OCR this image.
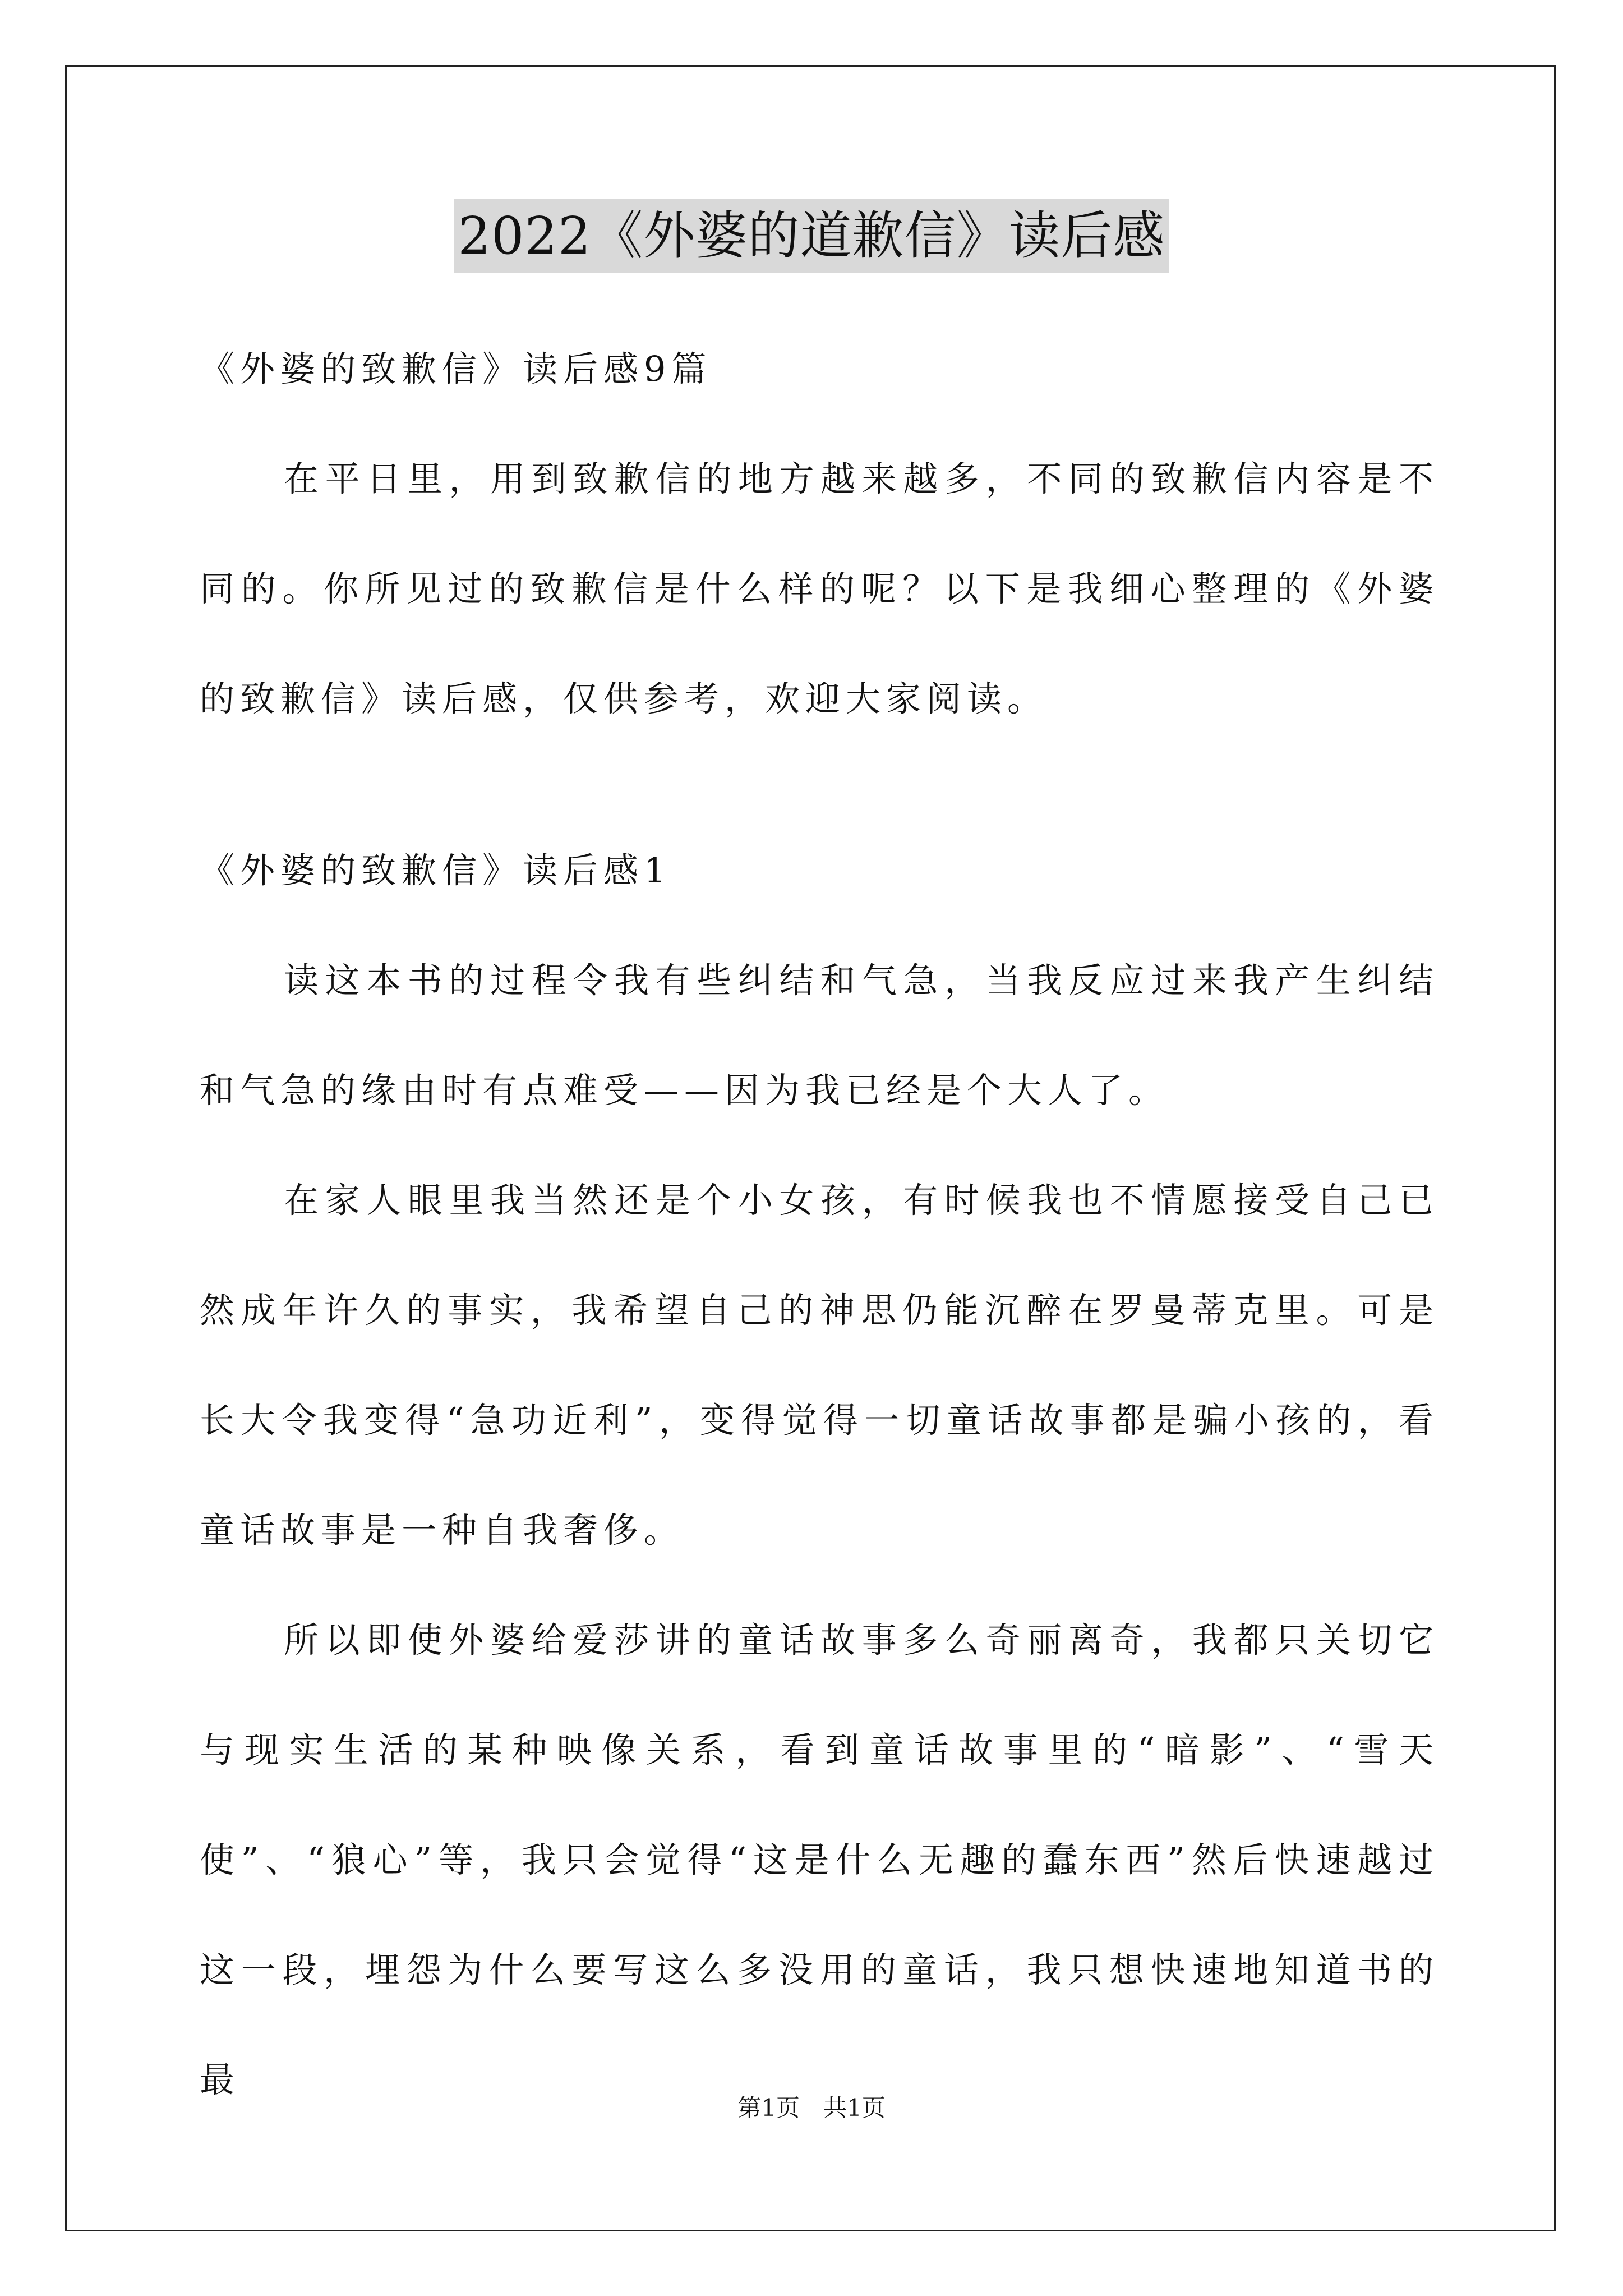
2022《外婆的道歉信》读后感

《外婆的致歉信》读后感9篇

在平日里，用到致歉信的地方越来越多，不同的致歉信内容是不同的。你所见过的致歉信是什么样的呢？以下是我细心整理的《外婆的致歉信》读后感，仅供参考，欢迎大家阅读。

《外婆的致歉信》读后感1

读这本书的过程令我有些纠结和气急，当我反应过来我产生纠结和气急的缘由时有点难受——因为我已经是个大人了。

在家人眼里我当然还是个小女孩，有时候我也不情愿接受自己已然成年许久的事实，我希望自己的神思仍能沉醉在罗曼蒂克里。可是长大令我变得“急功近利”，变得觉得一切童话故事都是骗小孩的，看童话故事是一种自我奢侈。

所以即使外婆给爱莎讲的童话故事多么奇丽离奇，我都只关切它与现实生活的某种映像关系，看到童话故事里的“暗影”、“雪天使”、“狼心”等，我只会觉得“这是什么无趣的蠢东西”然后快速越过这一段，埋怨为什么要写这么多没用的童话，我只想快速地知道书的最

第1页　共1页
